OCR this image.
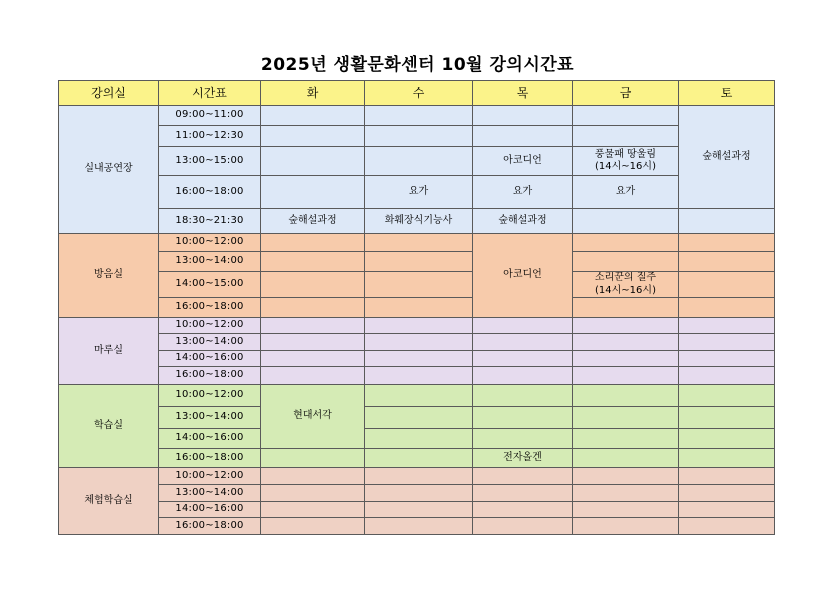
2025년 생활문화센터 10월 강의시간표
강의실	시간표	화	수	목	금	토
실내공연장	09:00~11:00					숲해설과정
	11:00~12:30					
	13:00~15:00			아코디언	풍물패 땅울림
(14시~16시)	

	16:00~18:00		요가	요가	요가	
	18:30~21:30	숲해설과정	화훼장식기능사	숲해설과정		
방음실	10:00~12:00			아코디언		
	13:00~14:00					
	14:00~15:00				소리꾼의 질주
(14시~16시)	

	16:00~18:00					
마루실	10:00~12:00					
	13:00~14:00					
	14:00~16:00					
	16:00~18:00					
학습실	10:00~12:00	현대서각				
	13:00~14:00					
	14:00~16:00					
	16:00~18:00			전자올겐		
체험학습실	10:00~12:00					
	13:00~14:00					
	14:00~16:00					
	16:00~18:00					
